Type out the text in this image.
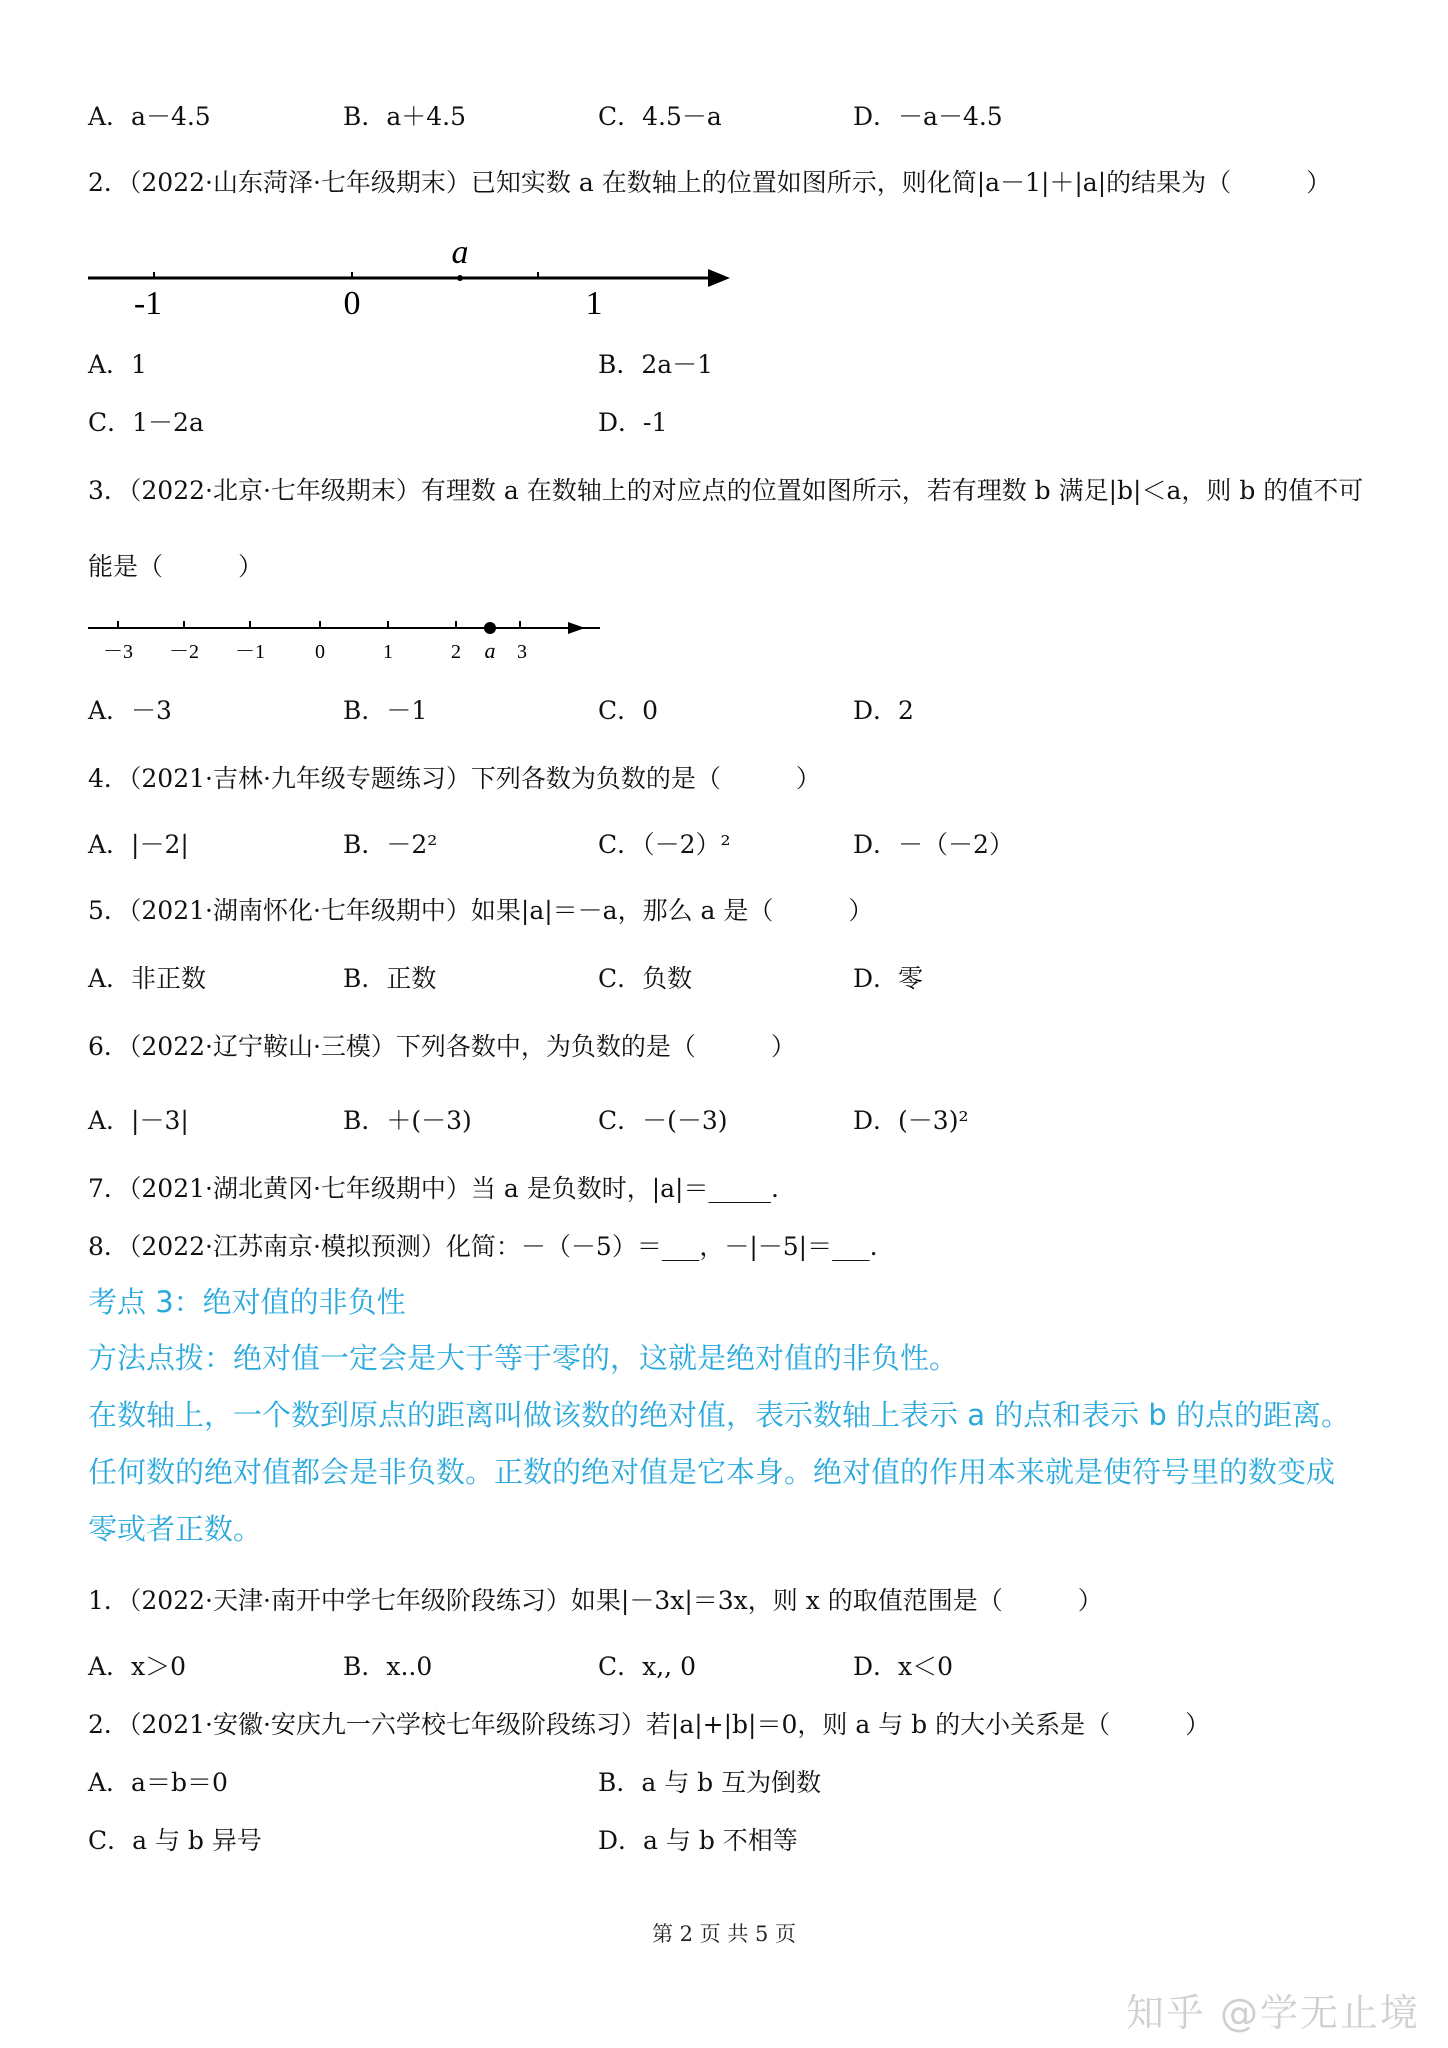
A．a－4.5	B．a＋4.5	C．4.5－a	D．－a－4.5
2．（2022·山东菏泽·七年级期末）已知实数 a 在数轴上的位置如图所示，则化简|a－1|＋|a|的结果为（　　　）
a
-1	0	1
A．1	B．2a－1
C．1－2a	D．-1
3．（2022·北京·七年级期末）有理数 a 在数轴上的对应点的位置如图所示，若有理数 b 满足|b|＜a，则 b 的值不可
能是（　　　）
－3 －2 －1	0	1	2 a 3
A．－3	B．－1	C．0	D．2
4．（2021·吉林·九年级专题练习）下列各数为负数的是（　　　）
A．|－2|	B．－2²	C．（－2）²	D．－（－2）
5．（2021·湖南怀化·七年级期中）如果|a|＝－a，那么 a 是（　　　）
A．非正数	B．正数	C．负数	D．零
6．（2022·辽宁鞍山·三模）下列各数中，为负数的是（　　　）
A．|－3|	B．＋(－3)	C．－(－3)	D．(－3)²
7．（2021·湖北黄冈·七年级期中）当 a 是负数时，|a|＝_____.
8．（2022·江苏南京·模拟预测）化简：－（－5）＝___，－|－5|＝___.
考点 3：绝对值的非负性
方法点拨：绝对值一定会是大于等于零的，这就是绝对值的非负性。
在数轴上，一个数到原点的距离叫做该数的绝对值，表示数轴上表示 a 的点和表示 b 的点的距离。
任何数的绝对值都会是非负数。正数的绝对值是它本身。绝对值的作用本来就是使符号里的数变成
零或者正数。
1．（2022·天津·南开中学七年级阶段练习）如果|－3x|＝3x，则 x 的取值范围是（　　　）
A．x＞0	B．x..0	C．x,, 0	D．x＜0
2．（2021·安徽·安庆九一六学校七年级阶段练习）若|a|+|b|＝0，则 a 与 b 的大小关系是（　　　）
A．a＝b＝0	B．a 与 b 互为倒数
C．a 与 b 异号	D．a 与 b 不相等
第 2 页 共 5 页
知乎 @学无止境
